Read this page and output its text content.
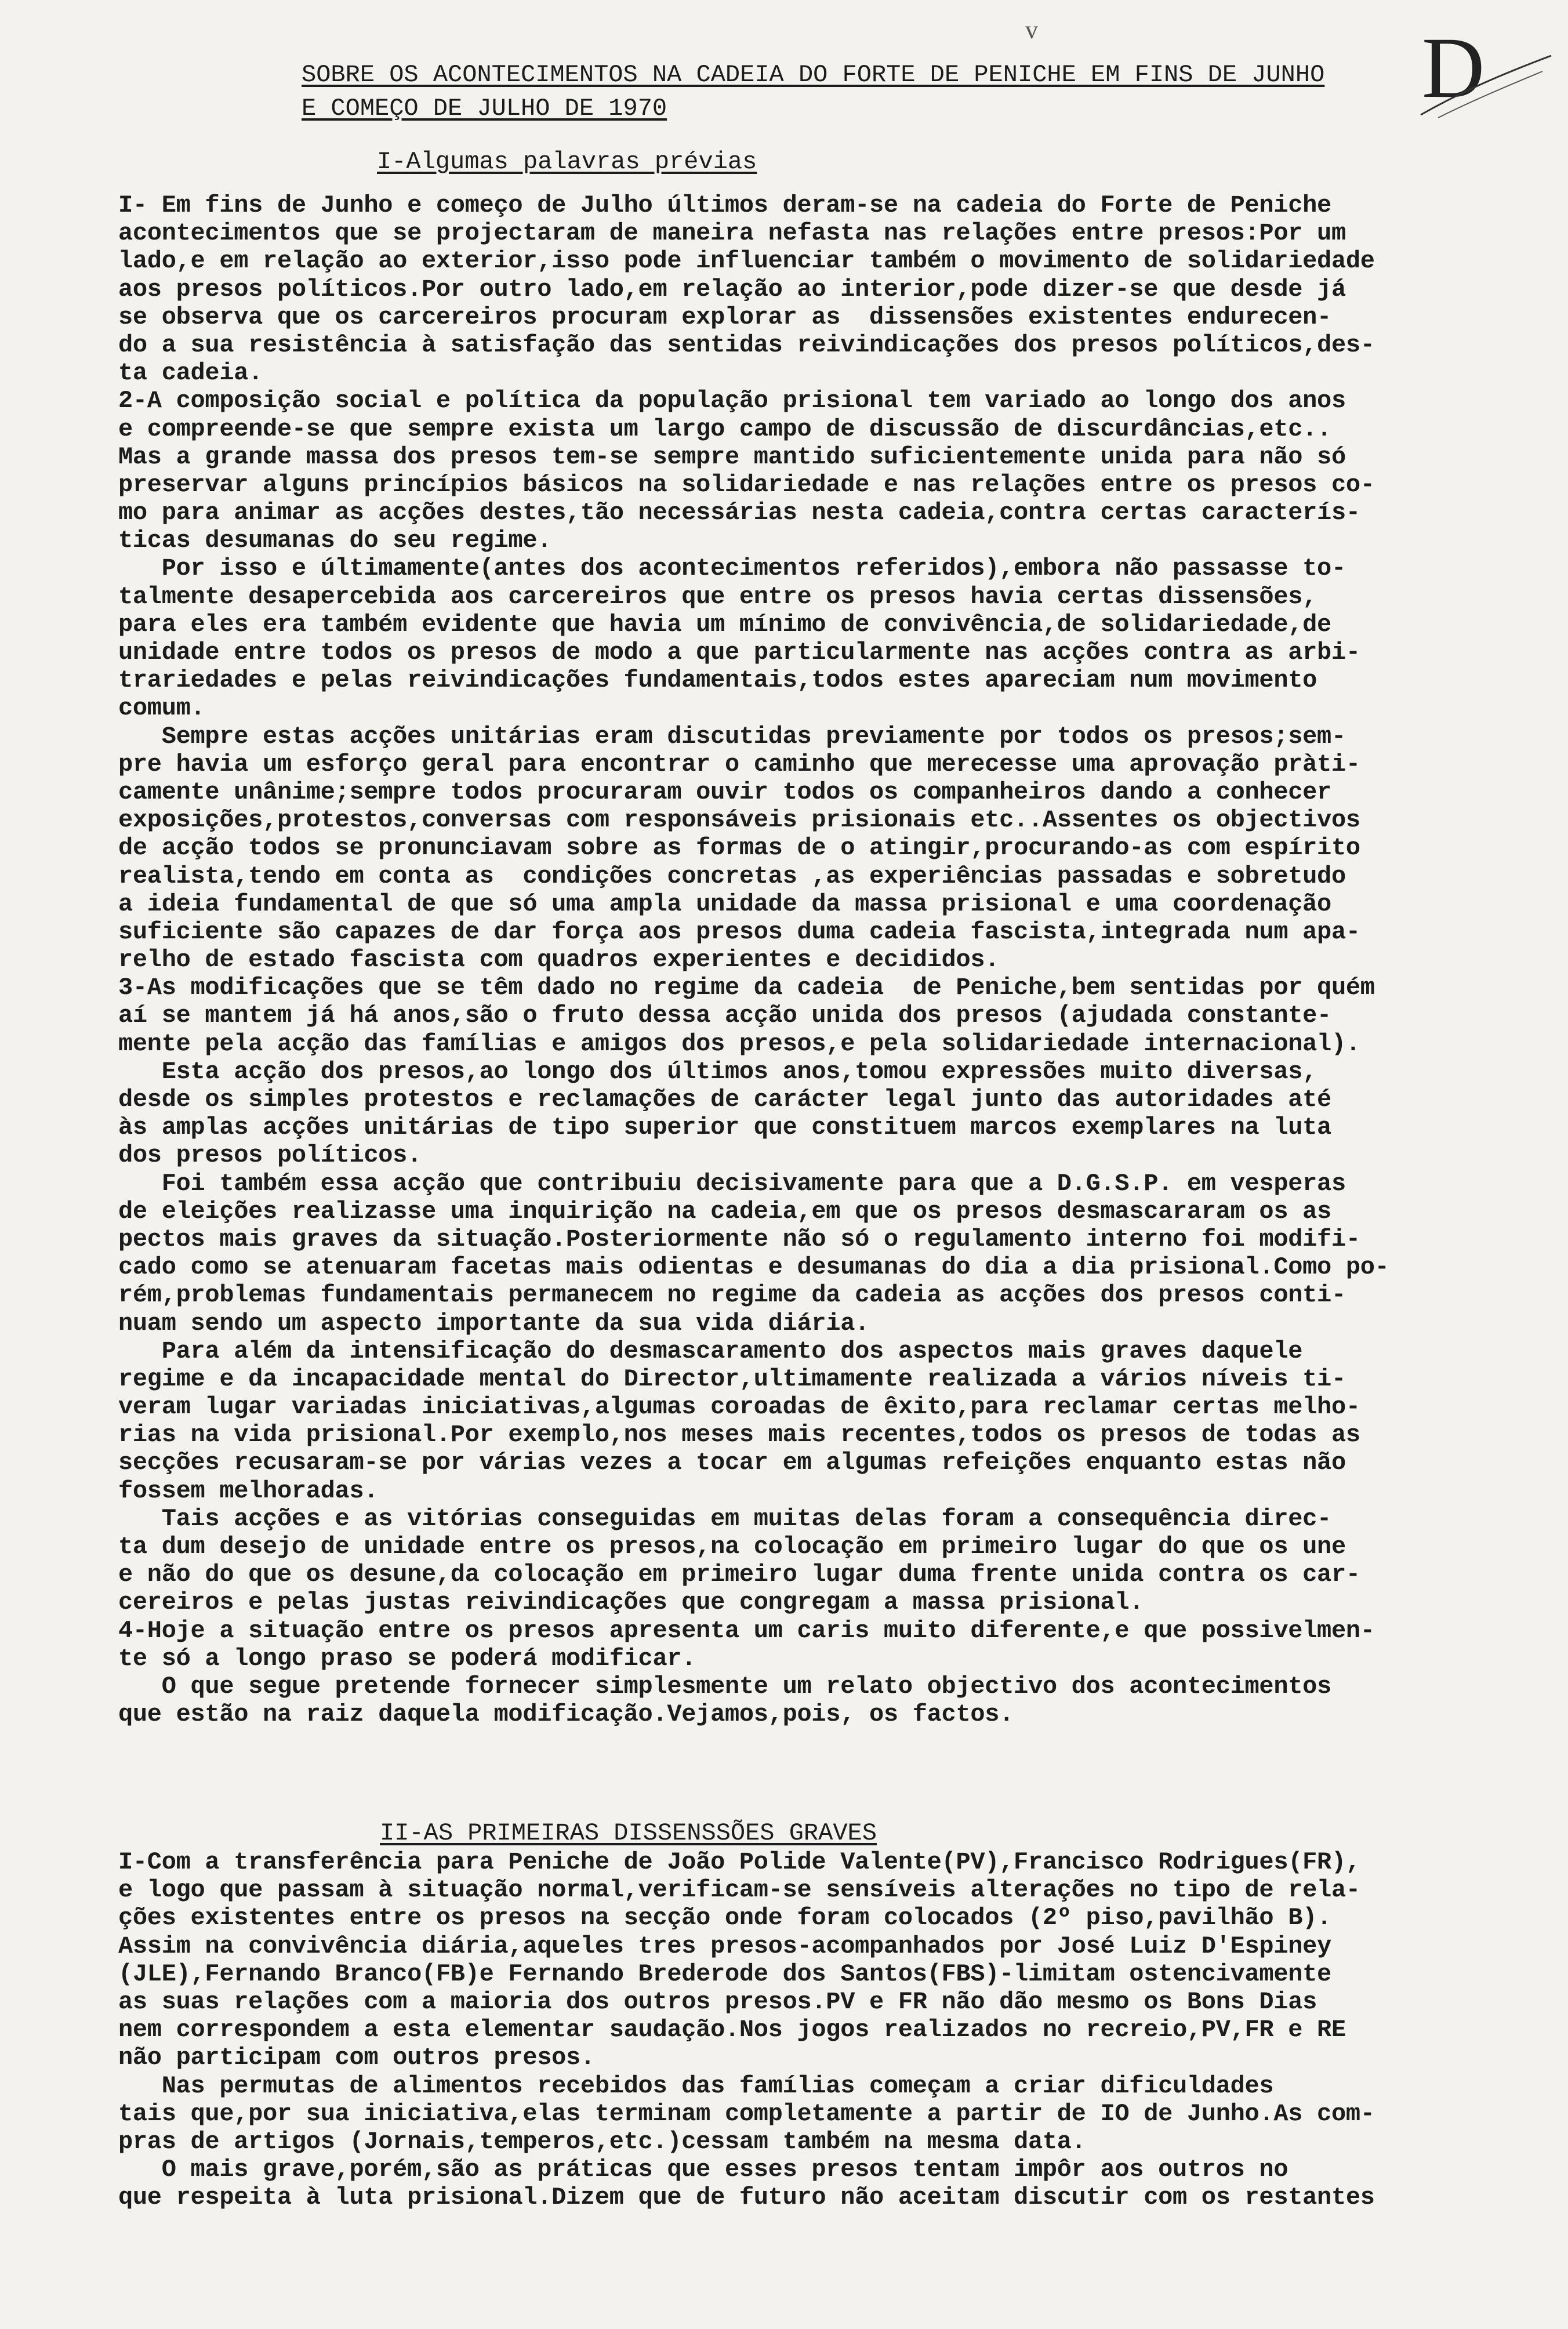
v	D
SOBRE OS ACONTECIMENTOS NA CADEIA DO FORTE DE PENICHE EM FINS DE JUNHO
E COMEÇO DE JULHO DE 1970
I-Algumas palavras prévias
I- Em fins de Junho e começo de Julho últimos deram-se na cadeia do Forte de Peniche
acontecimentos que se projectaram de maneira nefasta nas relações entre presos:Por um
lado,e em relação ao exterior,isso pode influenciar também o movimento de solidariedade
aos presos políticos.Por outro lado,em relação ao interior,pode dizer-se que desde já
se observa que os carcereiros procuram explorar as  dissensões existentes endurecen-
do a sua resistência à satisfação das sentidas reivindicações dos presos políticos,des-
ta cadeia.
2-A composição social e política da população prisional tem variado ao longo dos anos
e compreende-se que sempre exista um largo campo de discussão de discurdâncias,etc..
Mas a grande massa dos presos tem-se sempre mantido suficientemente unida para não só
preservar alguns princípios básicos na solidariedade e nas relações entre os presos co-
mo para animar as acções destes,tão necessárias nesta cadeia,contra certas caracterís-
ticas desumanas do seu regime.
Por isso e últimamente(antes dos acontecimentos referidos),embora não passasse to-
talmente desapercebida aos carcereiros que entre os presos havia certas dissensões,
para eles era também evidente que havia um mínimo de convivência,de solidariedade,de
unidade entre todos os presos de modo a que particularmente nas acções contra as arbi-
trariedades e pelas reivindicações fundamentais,todos estes apareciam num movimento
comum.
Sempre estas acções unitárias eram discutidas previamente por todos os presos;sem-
pre havia um esforço geral para encontrar o caminho que merecesse uma aprovação pràti-
camente unânime;sempre todos procuraram ouvir todos os companheiros dando a conhecer
exposições,protestos,conversas com responsáveis prisionais etc..Assentes os objectivos
de acção todos se pronunciavam sobre as formas de o atingir,procurando-as com espírito
realista,tendo em conta as  condições concretas ,as experiências passadas e sobretudo
a ideia fundamental de que só uma ampla unidade da massa prisional e uma coordenação
suficiente são capazes de dar força aos presos duma cadeia fascista,integrada num apa-
relho de estado fascista com quadros experientes e decididos.
3-As modificações que se têm dado no regime da cadeia  de Peniche,bem sentidas por quém
aí se mantem já há anos,são o fruto dessa acção unida dos presos (ajudada constante-
mente pela acção das famílias e amigos dos presos,e pela solidariedade internacional).
Esta acção dos presos,ao longo dos últimos anos,tomou expressões muito diversas,
desde os simples protestos e reclamações de carácter legal junto das autoridades até
às amplas acções unitárias de tipo superior que constituem marcos exemplares na luta
dos presos políticos.
Foi também essa acção que contribuiu decisivamente para que a D.G.S.P. em vesperas
de eleições realizasse uma inquirição na cadeia,em que os presos desmascararam os as
pectos mais graves da situação.Posteriormente não só o regulamento interno foi modifi-
cado como se atenuaram facetas mais odientas e desumanas do dia a dia prisional.Como po-
rém,problemas fundamentais permanecem no regime da cadeia as acções dos presos conti-
nuam sendo um aspecto importante da sua vida diária.
Para além da intensificação do desmascaramento dos aspectos mais graves daquele
regime e da incapacidade mental do Director,ultimamente realizada a vários níveis ti-
veram lugar variadas iniciativas,algumas coroadas de êxito,para reclamar certas melho-
rias na vida prisional.Por exemplo,nos meses mais recentes,todos os presos de todas as
secções recusaram-se por várias vezes a tocar em algumas refeições enquanto estas não
fossem melhoradas.
Tais acções e as vitórias conseguidas em muitas delas foram a consequência direc-
ta dum desejo de unidade entre os presos,na colocação em primeiro lugar do que os une
e não do que os desune,da colocação em primeiro lugar duma frente unida contra os car-
cereiros e pelas justas reivindicações que congregam a massa prisional.
4-Hoje a situação entre os presos apresenta um caris muito diferente,e que possivelmen-
te só a longo praso se poderá modificar.
O que segue pretende fornecer simplesmente um relato objectivo dos acontecimentos
que estão na raiz daquela modificação.Vejamos,pois, os factos.
II-AS PRIMEIRAS DISSENSSÕES GRAVES
I-Com a transferência para Peniche de João Polide Valente(PV),Francisco Rodrigues(FR),
e logo que passam à situação normal,verificam-se sensíveis alterações no tipo de rela-
ções existentes entre os presos na secção onde foram colocados (2º piso,pavilhão B).
Assim na convivência diária,aqueles tres presos-acompanhados por José Luiz D'Espiney
(JLE),Fernando Branco(FB)e Fernando Brederode dos Santos(FBS)-limitam ostencivamente
as suas relações com a maioria dos outros presos.PV e FR não dão mesmo os Bons Dias
nem correspondem a esta elementar saudação.Nos jogos realizados no recreio,PV,FR e RE
não participam com outros presos.
Nas permutas de alimentos recebidos das famílias começam a criar dificuldades
tais que,por sua iniciativa,elas terminam completamente a partir de IO de Junho.As com-
pras de artigos (Jornais,temperos,etc.)cessam também na mesma data.
O mais grave,porém,são as práticas que esses presos tentam impôr aos outros no
que respeita à luta prisional.Dizem que de futuro não aceitam discutir com os restantes
